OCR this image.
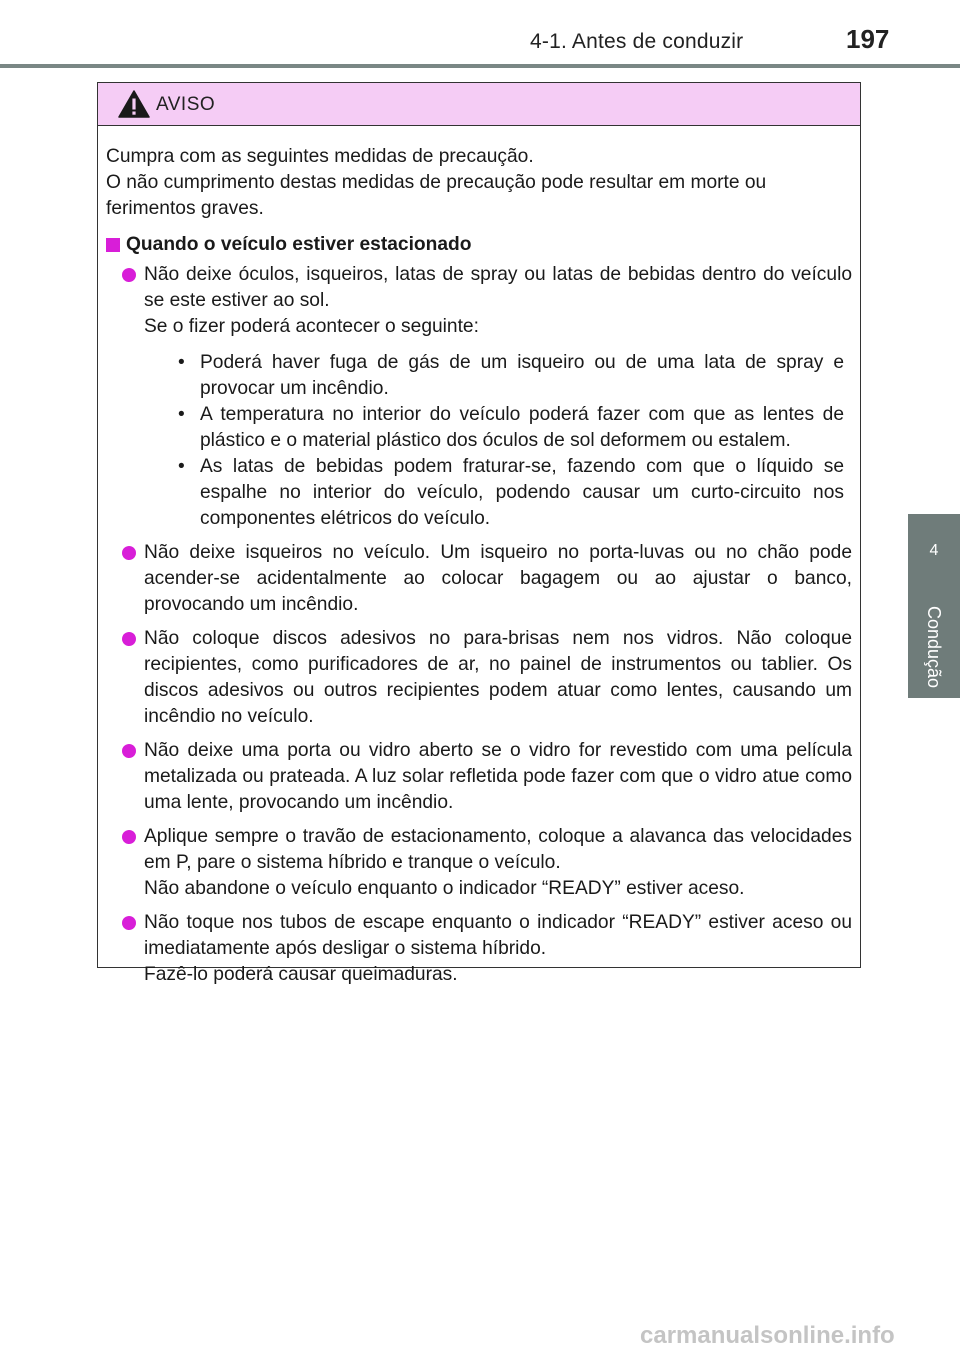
4-1. Antes de conduzir	197
4
Condução
AVISO

Cumpra com as seguintes medidas de precaução.

O não cumprimento destas medidas de precaução pode resultar em morte ou ferimentos graves.

Quando o veículo estiver estacionado

Não deixe óculos, isqueiros, latas de spray ou latas de bebidas dentro do veículo se este estiver ao sol.

Se o fizer poderá acontecer o seguinte:

• Poderá haver fuga de gás de um isqueiro ou de uma lata de spray e provocar um incêndio.
• A temperatura no interior do veículo poderá fazer com que as lentes de plástico e o material plástico dos óculos de sol deformem ou estalem.
• As latas de bebidas podem fraturar-se, fazendo com que o líquido se espalhe no interior do veículo, podendo causar um curto-circuito nos componentes elétricos do veículo.

Não deixe isqueiros no veículo. Um isqueiro no porta-luvas ou no chão pode acender-se acidentalmente ao colocar bagagem ou ao ajustar o banco, provocando um incêndio.

Não coloque discos adesivos no para-brisas nem nos vidros. Não coloque recipientes, como purificadores de ar, no painel de instrumentos ou tablier. Os discos adesivos ou outros recipientes podem atuar como lentes, causando um incêndio no veículo.

Não deixe uma porta ou vidro aberto se o vidro for revestido com uma película metalizada ou prateada. A luz solar refletida pode fazer com que o vidro atue como uma lente, provocando um incêndio.

Aplique sempre o travão de estacionamento, coloque a alavanca das velocidades em P, pare o sistema híbrido e tranque o veículo.

Não abandone o veículo enquanto o indicador “READY” estiver aceso.

Não toque nos tubos de escape enquanto o indicador “READY” estiver aceso ou imediatamente após desligar o sistema híbrido.

Fazê-lo poderá causar queimaduras.

carmanualsonline.info
